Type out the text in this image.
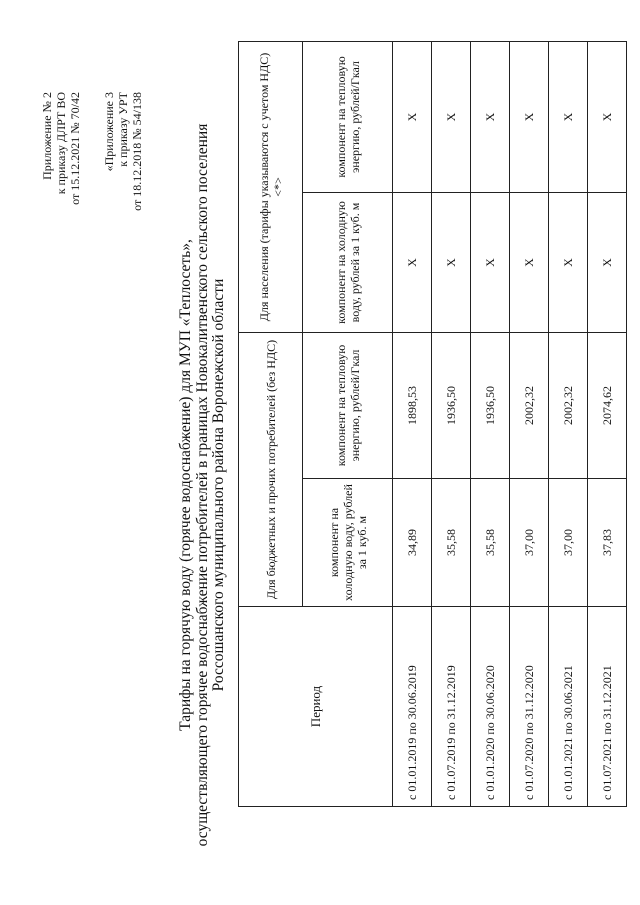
Приложение № 2 к приказу ДЛРТ ВО от 15.12.2021 № 70/42 «Приложение 3 к приказу УРТ от 18.12.2018 № 54/138
Тарифы на горячую воду (горячее водоснабжение) для МУП «Теплосеть», осуществляющего горячее водоснабжение потребителей в границах Новокалитвенского сельского поселения Россошанского муниципального района Воронежской области
Период	Для бюджетных и прочих потребителей (без НДС)		Для населения (тарифы указываются с учетом НДС) <*>	
	компонент на холодную воду, рублей за 1 куб. м	компонент на тепловую энергию, рублей/Гкал	компонент на холодную воду, рублей за 1 куб. м	компонент на тепловую энергию, рублей/Гкал
с 01.01.2019 по 30.06.2019	34,89	1898,53	X	X
с 01.07.2019 по 31.12.2019	35,58	1936,50	X	X
с 01.01.2020 по 30.06.2020	35,58	1936,50	X	X
с 01.07.2020 по 31.12.2020	37,00	2002,32	X	X
с 01.01.2021 по 30.06.2021	37,00	2002,32	X	X
с 01.07.2021 по 31.12.2021	37,83	2074,62	X	X
